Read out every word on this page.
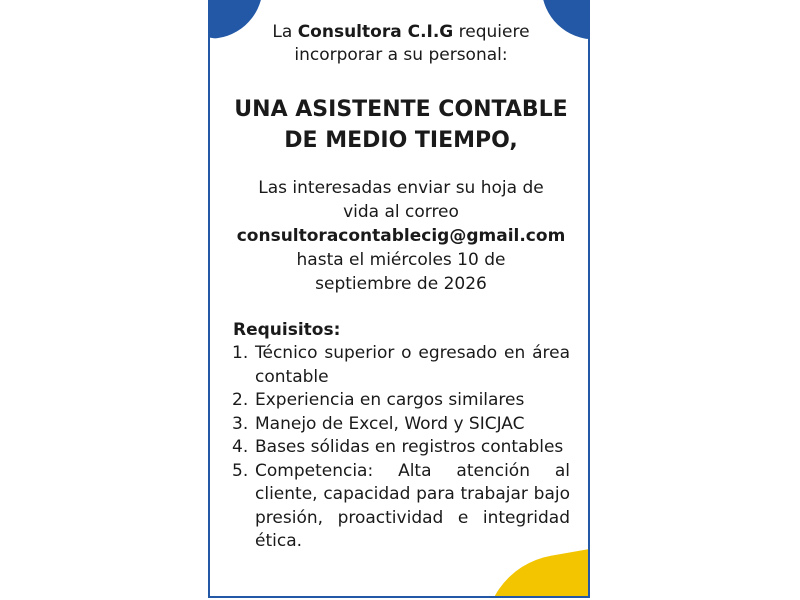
La Consultora C.I.G requiere
incorporar a su personal:
UNA ASISTENTE CONTABLE
DE MEDIO TIEMPO,
Las interesadas enviar su hoja de
vida al correo
consultoracontablecig@gmail.com
hasta el miércoles 10 de
septiembre de 2026
Requisitos:
1. Técnico superior o egresado en área contable
2. Experiencia en cargos similares
3. Manejo de Excel, Word y SICJAC
4. Bases sólidas en registros contables
5. Competencia: Alta atención al cliente, capacidad para trabajar bajo presión, proactividad e integridad ética.
